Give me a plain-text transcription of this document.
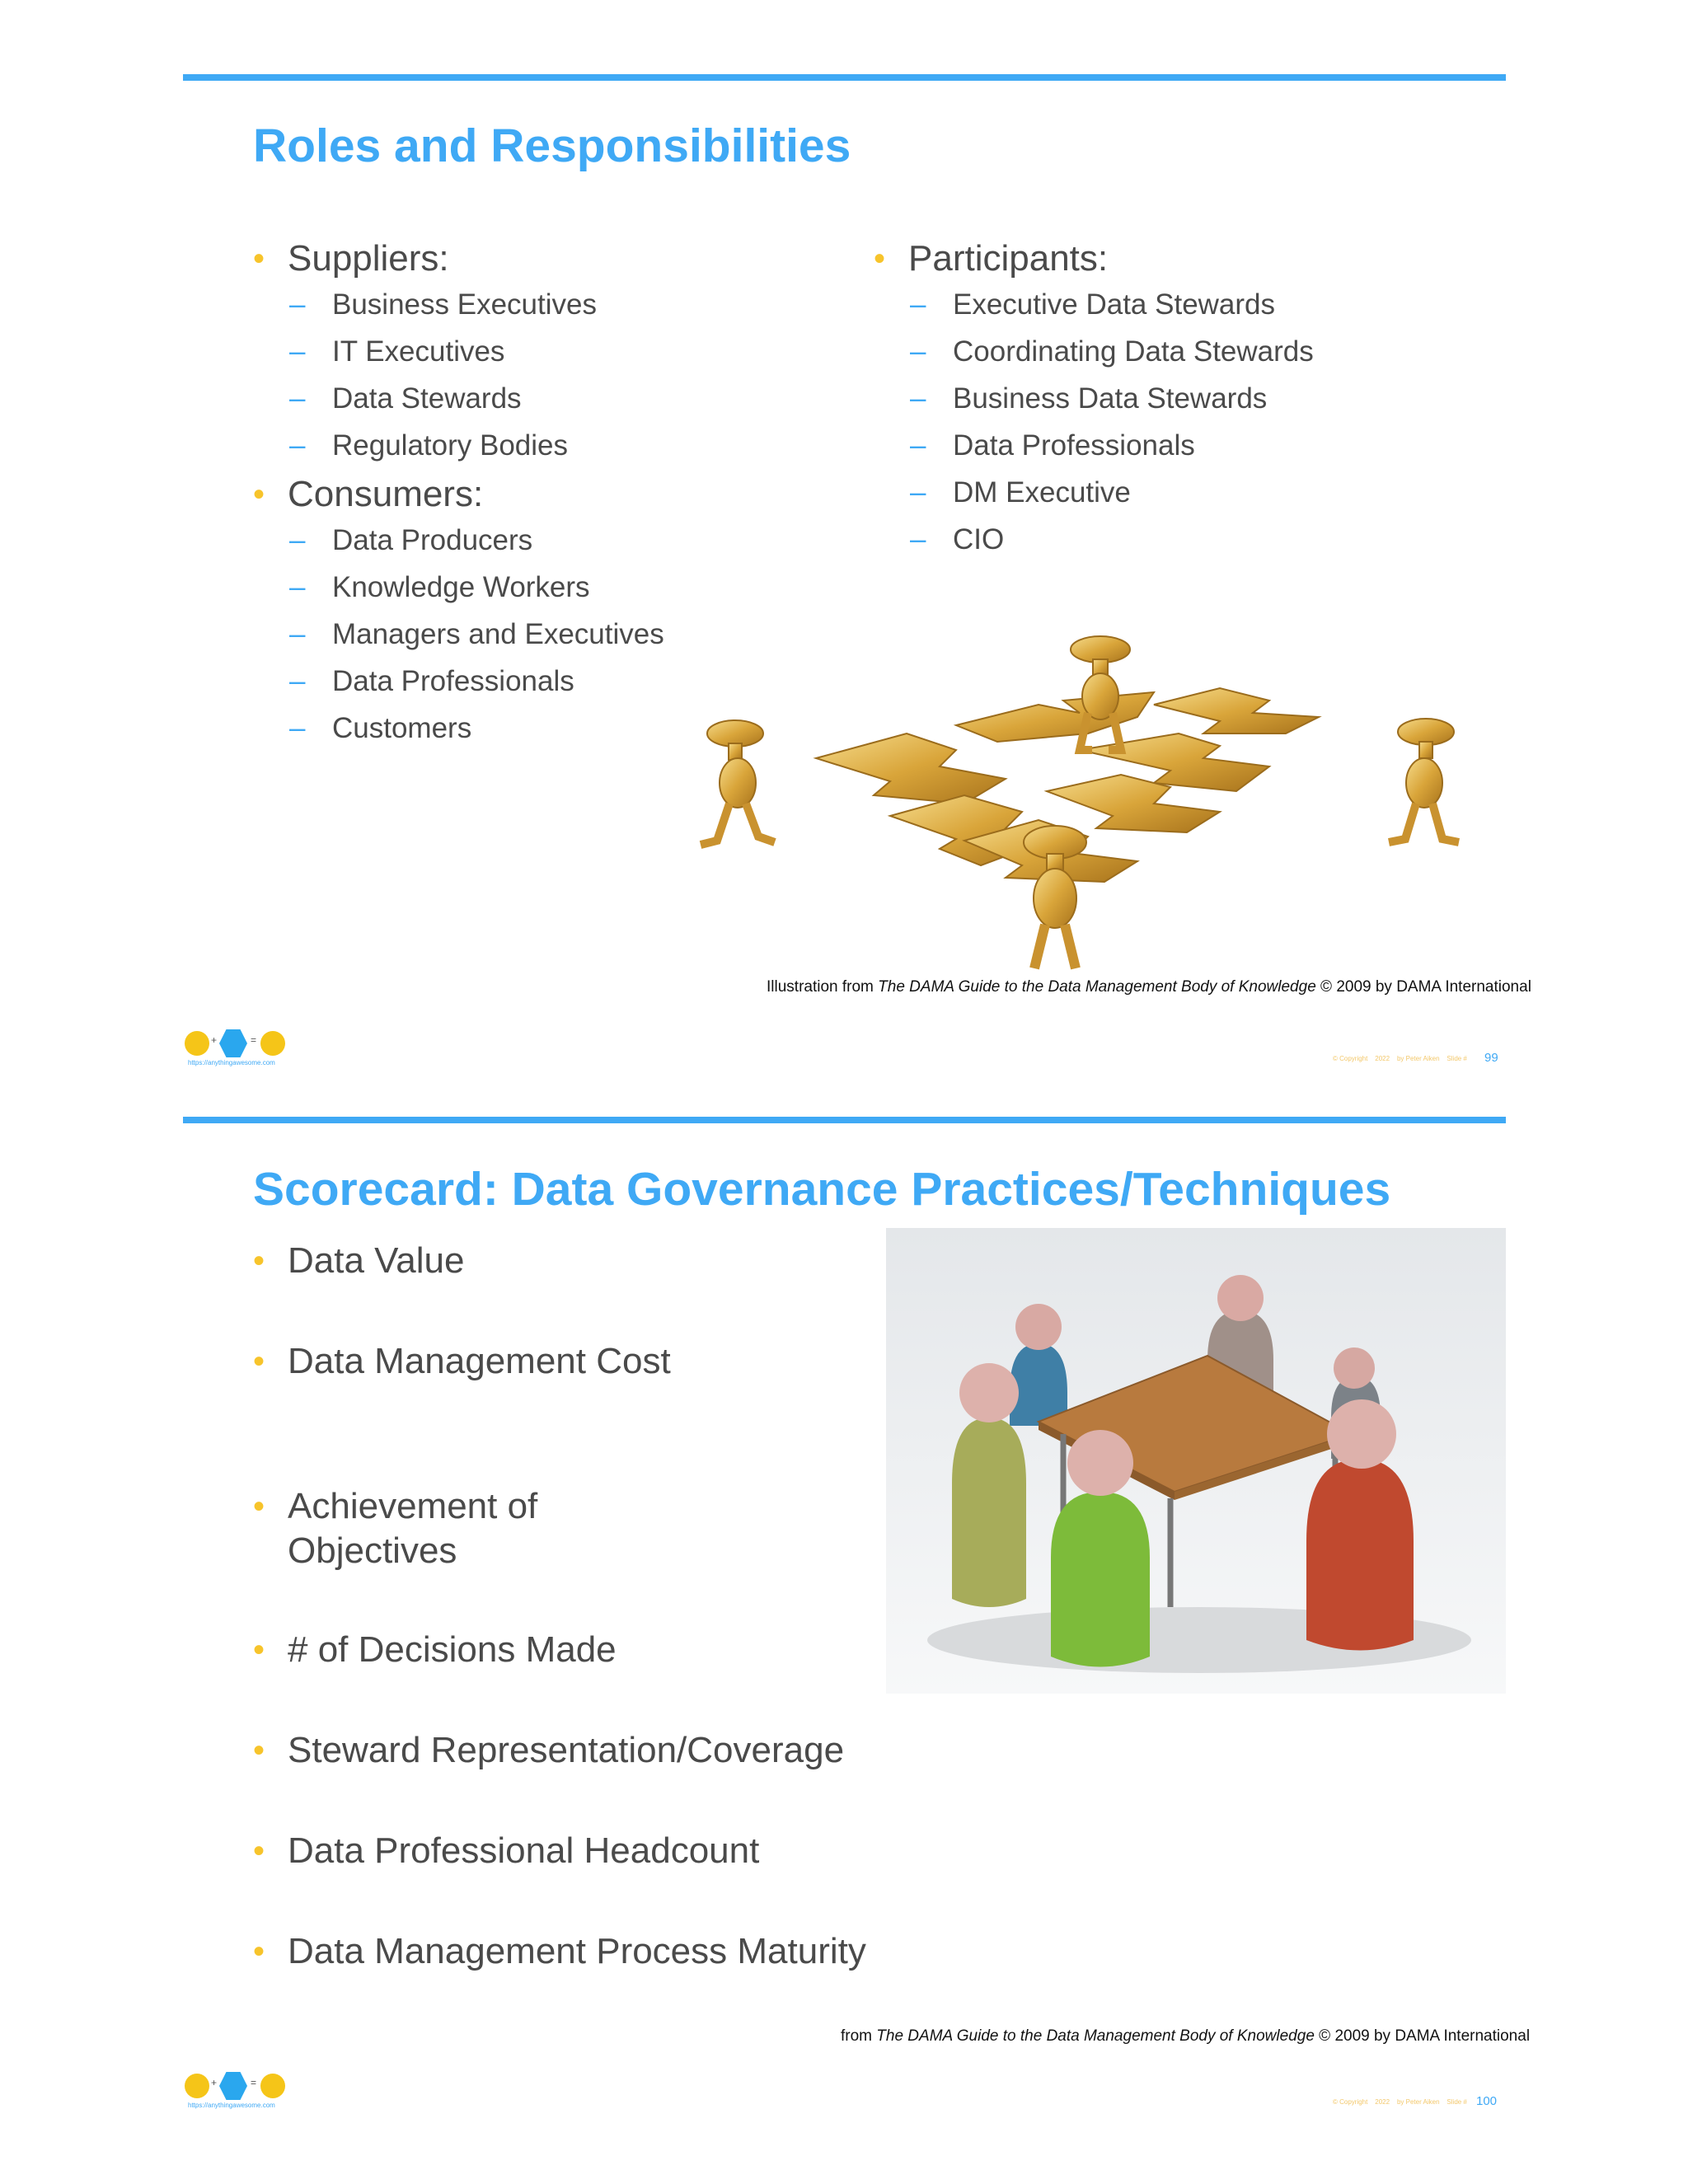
Roles and Responsibilities
• Suppliers:
– Business Executives
– IT Executives
– Data Stewards
– Regulatory Bodies
• Consumers:
– Data Producers
– Knowledge Workers
– Managers and Executives
– Data Professionals
– Customers
• Participants:
– Executive Data Stewards
– Coordinating Data Stewards
– Business Data Stewards
– Data Professionals
– DM Executive
– CIO
Illustration from The DAMA Guide to the Data Management Body of Knowledge © 2009 by DAMA International
+	=
https://anythingawesome.com
© Copyright 2022 by Peter Aiken Slide # 99
Scorecard: Data Governance Practices/Techniques
• Data Value
• Data Management Cost
• Achievement of Objectives
• # of Decisions Made
• Steward Representation/Coverage
• Data Professional Headcount
• Data Management Process Maturity
from The DAMA Guide to the Data Management Body of Knowledge © 2009 by DAMA International
+	=
https://anythingawesome.com	© Copyright 2022 by Peter Aiken Slide # 100
